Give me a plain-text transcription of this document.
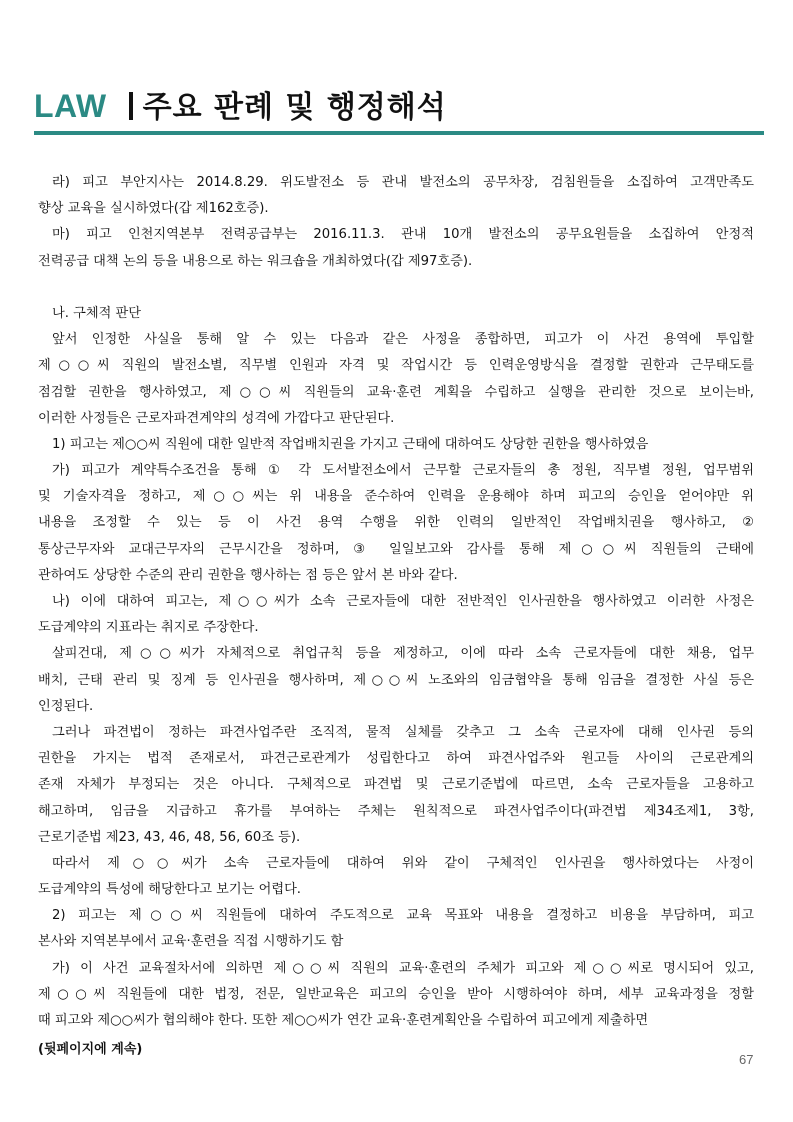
LAW 주요 판례 및 행정해석
라) 피고 부안지사는 2014.8.29. 위도발전소 등 관내 발전소의 공무차장, 검침원들을 소집하여 고객만족도
향상 교육을 실시하였다(갑 제162호증).
마) 피고 인천지역본부 전력공급부는 2016.11.3. 관내 10개 발전소의 공무요원들을 소집하여 안정적
전력공급 대책 논의 등을 내용으로 하는 워크숍을 개최하였다(갑 제97호증).
나. 구체적 판단
앞서 인정한 사실을 통해 알 수 있는 다음과 같은 사정을 종합하면, 피고가 이 사건 용역에 투입할
제○○씨 직원의 발전소별, 직무별 인원과 자격 및 작업시간 등 인력운영방식을 결정할 권한과 근무태도를
점검할 권한을 행사하였고, 제○○씨 직원들의 교육·훈련 계획을 수립하고 실행을 관리한 것으로 보이는바,
이러한 사정들은 근로자파견계약의 성격에 가깝다고 판단된다.
1) 피고는 제○○씨 직원에 대한 일반적 작업배치권을 가지고 근태에 대하여도 상당한 권한을 행사하였음
가) 피고가 계약특수조건을 통해 ① 각 도서발전소에서 근무할 근로자들의 총 정원, 직무별 정원, 업무범위
및 기술자격을 정하고, 제○○씨는 위 내용을 준수하여 인력을 운용해야 하며 피고의 승인을 얻어야만 위
내용을 조정할 수 있는 등 이 사건 용역 수행을 위한 인력의 일반적인 작업배치권을 행사하고, ②
통상근무자와 교대근무자의 근무시간을 정하며, ③ 일일보고와 감사를 통해 제○○씨 직원들의 근태에
관하여도 상당한 수준의 관리 권한을 행사하는 점 등은 앞서 본 바와 같다.
나) 이에 대하여 피고는, 제○○씨가 소속 근로자들에 대한 전반적인 인사권한을 행사하였고 이러한 사정은
도급계약의 지표라는 취지로 주장한다.
살피건대, 제○○씨가 자체적으로 취업규칙 등을 제정하고, 이에 따라 소속 근로자들에 대한 채용, 업무
배치, 근태 관리 및 징계 등 인사권을 행사하며, 제○○씨 노조와의 임금협약을 통해 임금을 결정한 사실 등은
인정된다.
그러나 파견법이 정하는 파견사업주란 조직적, 물적 실체를 갖추고 그 소속 근로자에 대해 인사권 등의
권한을 가지는 법적 존재로서, 파견근로관계가 성립한다고 하여 파견사업주와 원고들 사이의 근로관계의
존재 자체가 부정되는 것은 아니다. 구체적으로 파견법 및 근로기준법에 따르면, 소속 근로자들을 고용하고
해고하며, 임금을 지급하고 휴가를 부여하는 주체는 원칙적으로 파견사업주이다(파견법 제34조제1, 3항,
근로기준법 제23, 43, 46, 48, 56, 60조 등).
따라서 제○○씨가 소속 근로자들에 대하여 위와 같이 구체적인 인사권을 행사하였다는 사정이
도급계약의 특성에 해당한다고 보기는 어렵다.
2) 피고는 제○○씨 직원들에 대하여 주도적으로 교육 목표와 내용을 결정하고 비용을 부담하며, 피고
본사와 지역본부에서 교육·훈련을 직접 시행하기도 함
가) 이 사건 교육절차서에 의하면 제○○씨 직원의 교육·훈련의 주체가 피고와 제○○씨로 명시되어 있고,
제○○씨 직원들에 대한 법정, 전문, 일반교육은 피고의 승인을 받아 시행하여야 하며, 세부 교육과정을 정할
때 피고와 제○○씨가 협의해야 한다. 또한 제○○씨가 연간 교육·훈련계획안을 수립하여 피고에게 제출하면
(뒷페이지에 계속)
67
